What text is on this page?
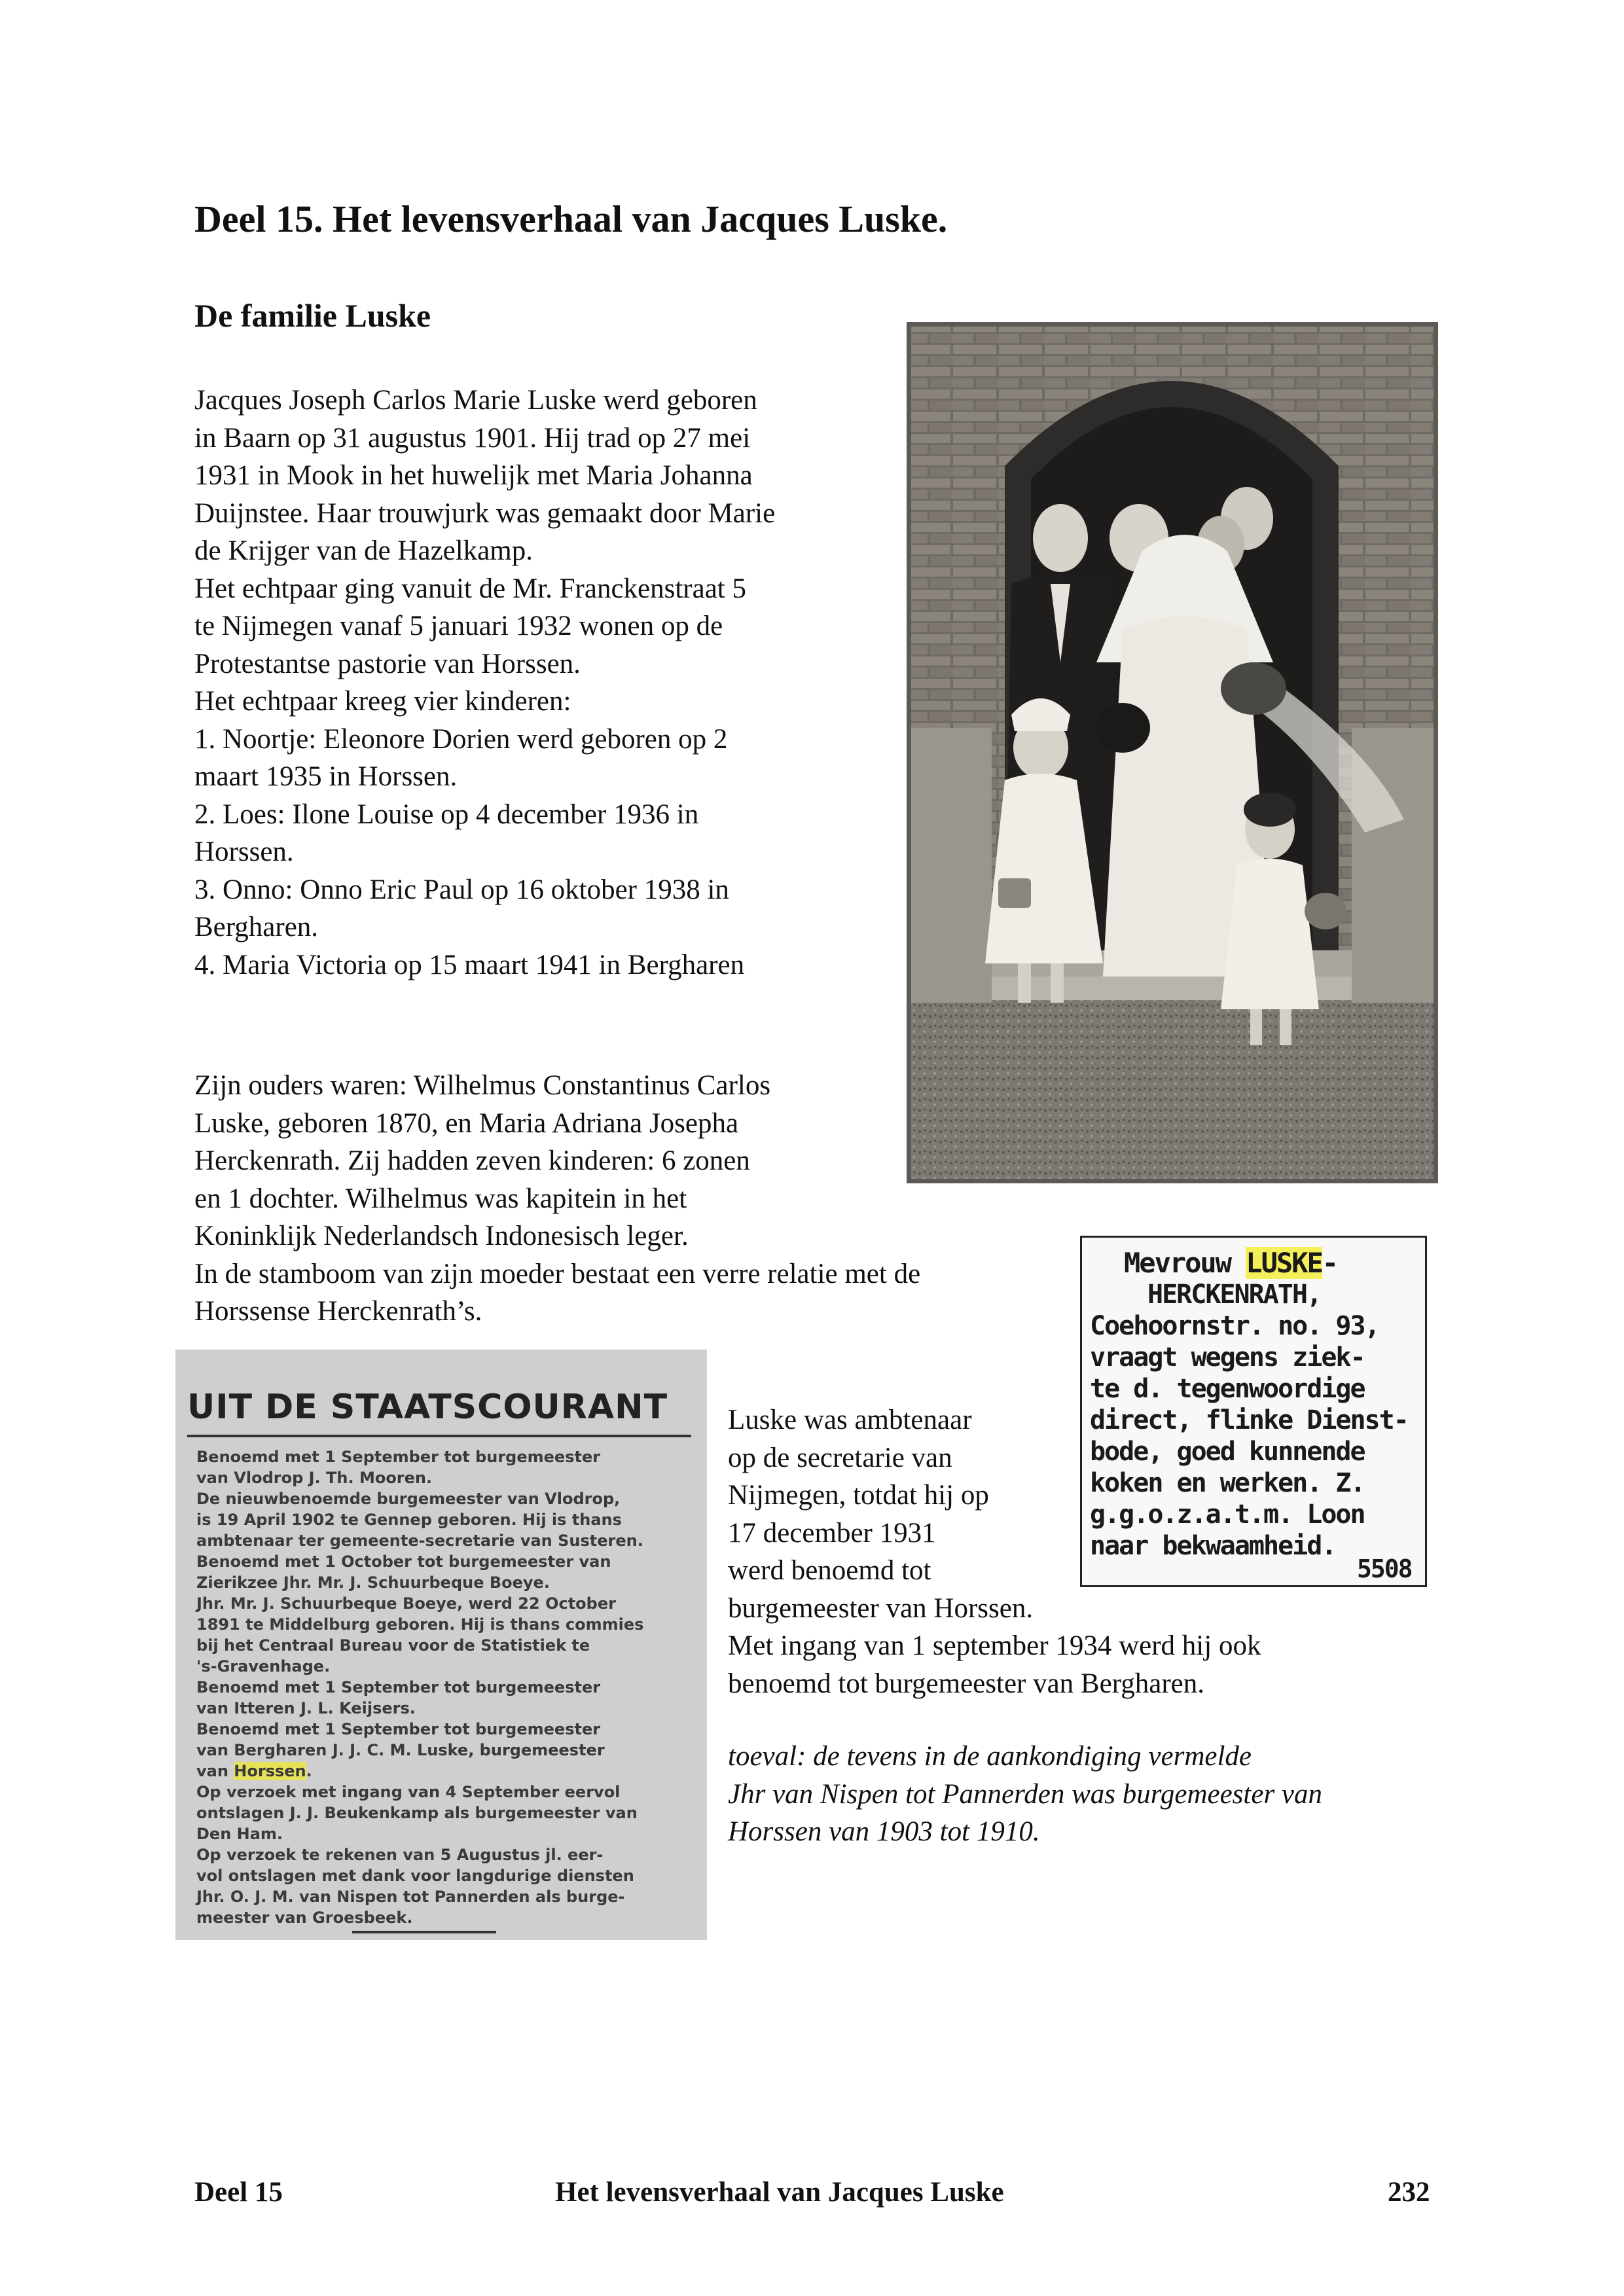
Deel 15. Het levensverhaal van Jacques Luske.
De familie Luske
Jacques Joseph Carlos Marie Luske werd geboren
in Baarn op 31 augustus 1901. Hij trad op 27 mei
1931 in Mook in het huwelijk met Maria Johanna
Duijnstee. Haar trouwjurk was gemaakt door Marie
de Krijger van de Hazelkamp.
Het echtpaar ging vanuit de Mr. Franckenstraat 5
te Nijmegen vanaf 5 januari 1932 wonen op de
Protestantse pastorie van Horssen.
Het echtpaar kreeg vier kinderen:
1. Noortje: Eleonore Dorien werd geboren op 2
maart 1935 in Horssen.
2. Loes: Ilone Louise op 4 december 1936 in
Horssen.
3. Onno: Onno Eric Paul op 16 oktober 1938 in
Bergharen.
4. Maria Victoria op 15 maart 1941 in Bergharen
Zijn ouders waren: Wilhelmus Constantinus Carlos
Luske, geboren 1870, en Maria Adriana Josepha
Herckenrath. Zij hadden zeven kinderen: 6 zonen
en 1 dochter. Wilhelmus was kapitein in het
Koninklijk Nederlandsch Indonesisch leger.
In de stamboom van zijn moeder bestaat een verre relatie met de
Horssense Herckenrath’s.
Mevrouw LUSKE-
HERCKENRATH,
Coehoornstr. no. 93,
vraagt wegens ziek-
te d. tegenwoordige
direct, flinke Dienst-
bode, goed kunnende
koken en werken. Z.
g.g.o.z.a.t.m. Loon
naar bekwaamheid.
5508
UIT DE STAATSCOURANT
Benoemd met 1 September tot burgemeester
van Vlodrop J. Th. Mooren.
De nieuwbenoemde burgemeester van Vlodrop,
is 19 April 1902 te Gennep geboren. Hij is thans
ambtenaar ter gemeente-secretarie van Susteren.
Benoemd met 1 October tot burgemeester van
Zierikzee Jhr. Mr. J. Schuurbeque Boeye.
Jhr. Mr. J. Schuurbeque Boeye, werd 22 October
1891 te Middelburg geboren. Hij is thans commies
bij het Centraal Bureau voor de Statistiek te
's-Gravenhage.
Benoemd met 1 September tot burgemeester
van Itteren J. L. Keijsers.
Benoemd met 1 September tot burgemeester
van Bergharen J. J. C. M. Luske, burgemeester
van Horssen.
Op verzoek met ingang van 4 September eervol
ontslagen J. J. Beukenkamp als burgemeester van
Den Ham.
Op verzoek te rekenen van 5 Augustus jl. eer-
vol ontslagen met dank voor langdurige diensten
Jhr. O. J. M. van Nispen tot Pannerden als burge-
meester van Groesbeek.
Luske was ambtenaar
op de secretarie van
Nijmegen, totdat hij op
17 december 1931
werd benoemd tot
burgemeester van Horssen.
Met ingang van 1 september 1934 werd hij ook
benoemd tot burgemeester van Bergharen.
toeval: de tevens in de aankondiging vermelde
Jhr van Nispen tot Pannerden was burgemeester van
Horssen van 1903 tot 1910.
Deel 15	Het levensverhaal van Jacques Luske	232
